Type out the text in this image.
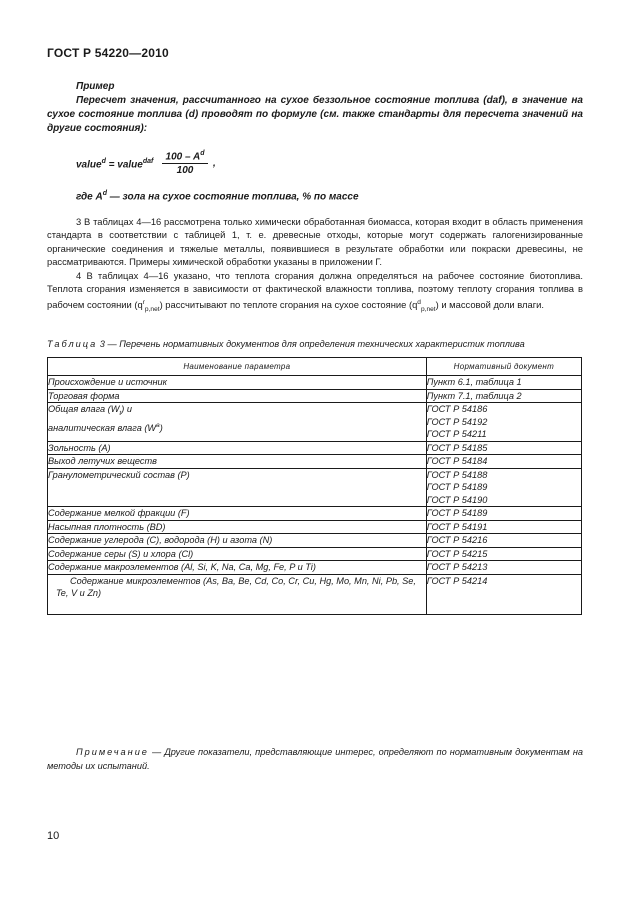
ГОСТ Р 54220—2010
Пример
Пересчет значения, рассчитанного на сухое беззольное состояние топлива (daf), в значение на сухое состояние топлива (d) проводят по формуле (см. также стандарты для пересчета значений на другие состояния):
value$^d$ = value$^{daf}$ $\frac{100 - A^d}{100}$ ,
где $A^d$ — зола на сухое состояние топлива, % по массе
3 В таблицах 4—16 рассмотрена только химически обработанная биомасса, которая входит в область применения стандарта в соответствии с таблицей 1, т. е. древесные отходы, которые могут содержать галогенизированные органические соединения и тяжелые металлы, появившиеся в результате обработки или покраски древесины, не рассматриваются. Примеры химической обработки указаны в приложении Г.
4 В таблицах 4—16 указано, что теплота сгорания должна определяться на рабочее состояние биотоплива. Теплота сгорания изменяется в зависимости от фактической влажности топлива, поэтому теплоту сгорания топлива в рабочем состоянии $(q^r_{p,net})$ рассчитывают по теплоте сгорания на сухое состояние $(q^d_{p,net})$ и массовой доли влаги.
Таблица 3 — Перечень нормативных документов для определения технических характеристик топлива
Наименование параметра	Нормативный документ
Происхождение и источник	Пункт 6.1, таблица 1

Торговая форма	Пункт 7.1, таблица 2

Общая влага $(W_t)$ и
аналитическая влага $(W^a)$	ГОСТ Р 54186
ГОСТ Р 54192
ГОСТ Р 54211

Зольность (A)	ГОСТ Р 54185

Выход летучих веществ	ГОСТ Р 54184

Гранулометрический состав (P)	ГОСТ Р 54188
ГОСТ Р 54189
ГОСТ Р 54190

Содержание мелкой фракции (F)	ГОСТ Р 54189

Насыпная плотность (BD)	ГОСТ Р 54191

Содержание углерода (C), водорода (H) и азота (N)	ГОСТ Р 54216

Содержание серы (S) и хлора (Cl)	ГОСТ Р 54215

Содержание макроэлементов (Al, Si, K, Na, Ca, Mg, Fe, P и Ti)	ГОСТ Р 54213

Содержание микроэлементов (As, Ba, Be, Cd, Co, Cr, Cu, Hg, Mo, Mn, Ni, Pb, Se, Te, V и Zn)	ГОСТ Р 54214
Примечание — Другие показатели, представляющие интерес, определяют по нормативным документам на методы их испытаний.
10
